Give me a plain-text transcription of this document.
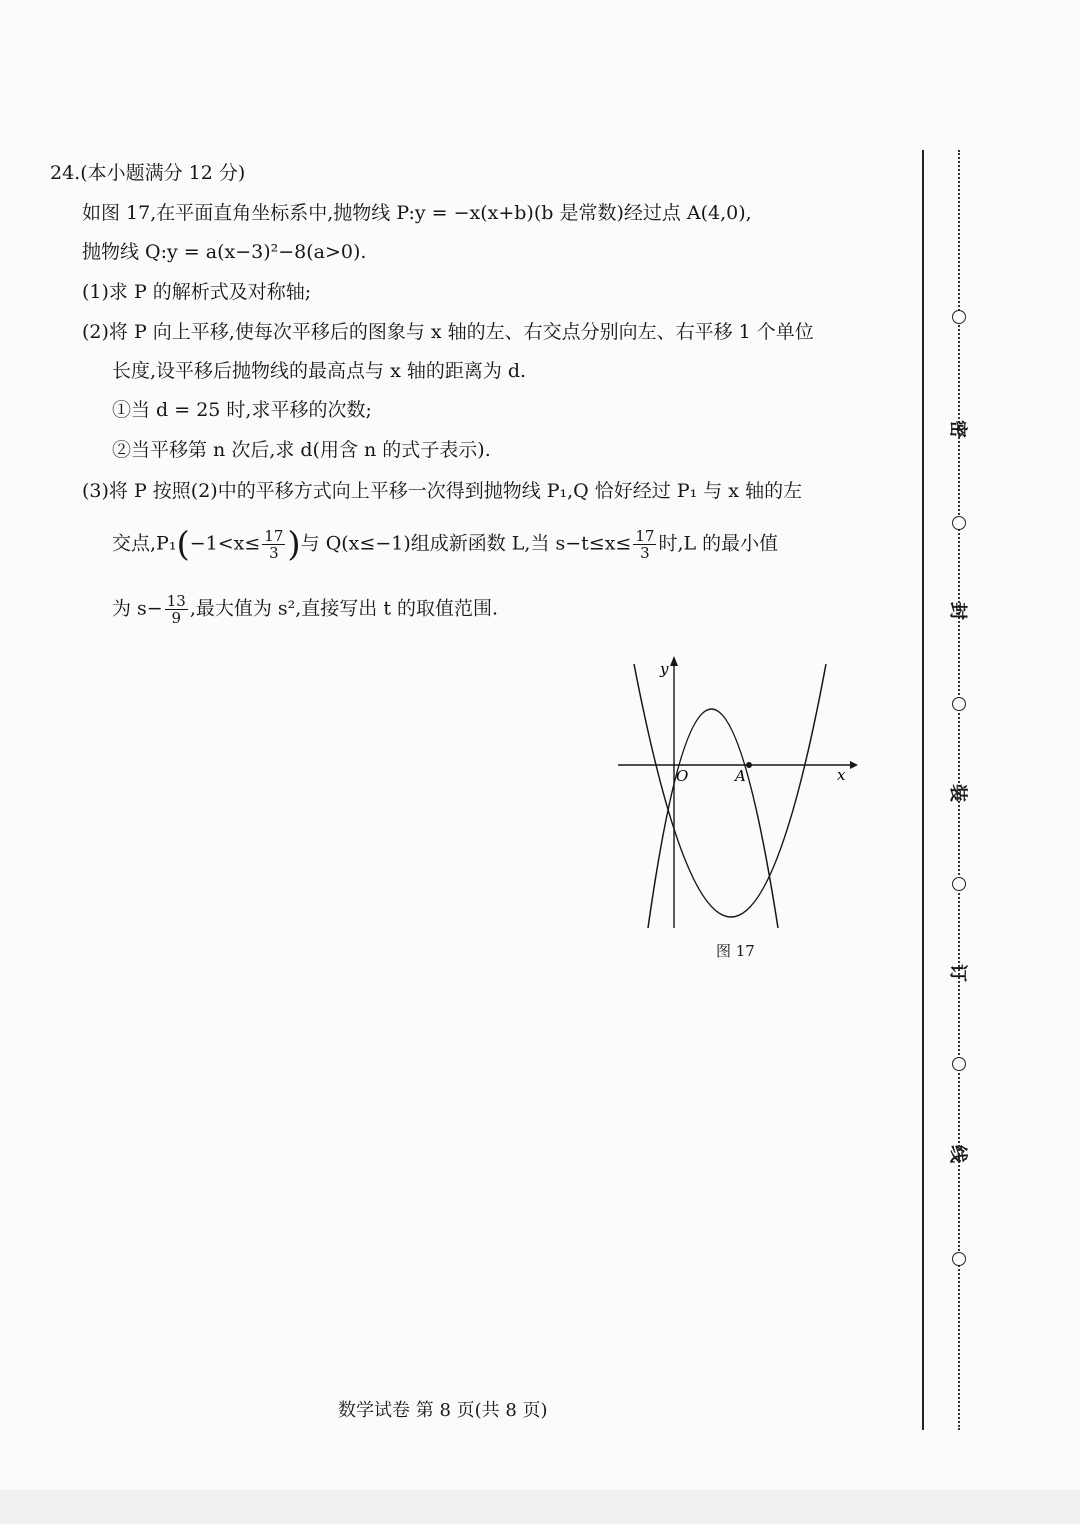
24.(本小题满分 12 分)
如图 17,在平面直角坐标系中,抛物线 P:y = −x(x+b)(b 是常数)经过点 A(4,0),
抛物线 Q:y = a(x−3)²−8(a>0).
(1)求 P 的解析式及对称轴;
(2)将 P 向上平移,使每次平移后的图象与 x 轴的左、右交点分别向左、右平移 1 个单位
长度,设平移后抛物线的最高点与 x 轴的距离为 d.
①当 d = 25 时,求平移的次数;
②当平移第 n 次后,求 d(用含 n 的式子表示).
(3)将 P 按照(2)中的平移方式向上平移一次得到抛物线 P₁,Q 恰好经过 P₁ 与 x 轴的左
交点$,P_1(-1<x\le \frac{17}{3}$ )与 Q(x≤−1)组成新函数 L,当 $s-t\le x\le \frac{17}{3}$ 时,L 的最小值
为 $s- \frac{13}{9}$ ,最大值为 s²,直接写出 t 的取值范围.
y
x
O	A
图 17
密
封
装
订
线
数学试卷 第 8 页(共 8 页)
